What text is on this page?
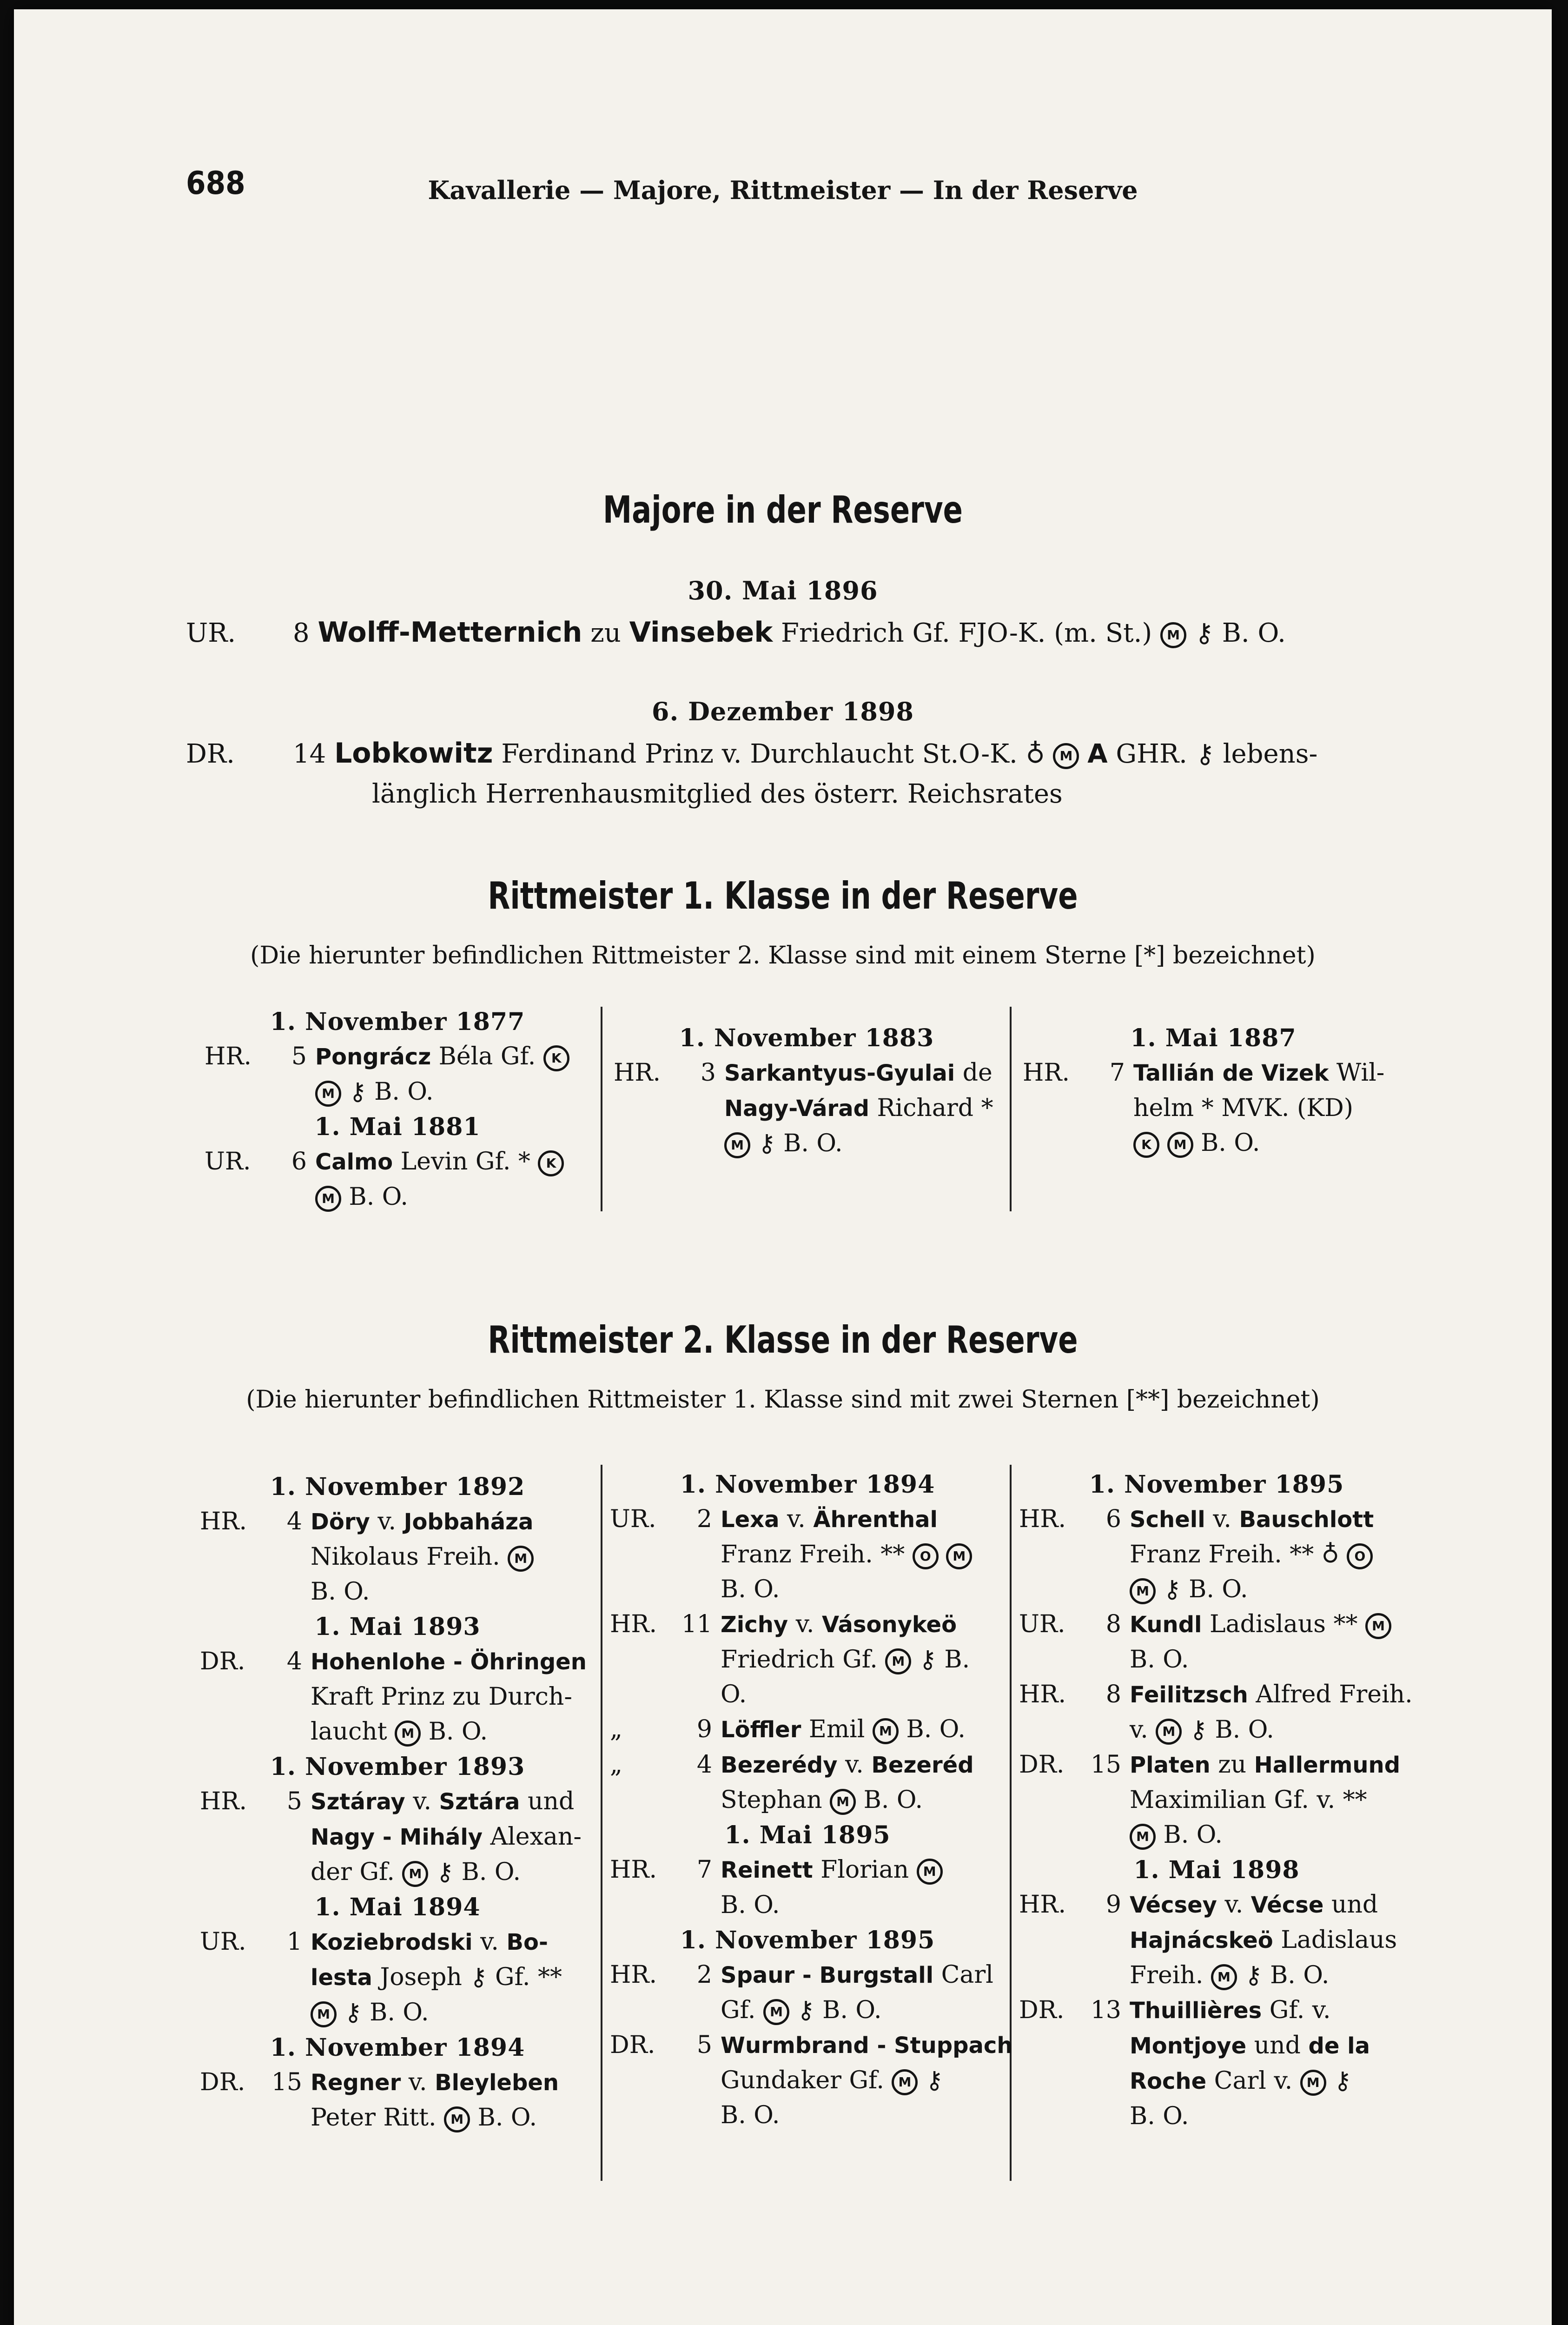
688	Kavallerie — Majore, Rittmeister — In der Reserve
Majore in der Reserve
30. Mai 1896
UR. 8 Wolff-Metternich zu Vinsebek Friedrich Gf. FJO-K. (m. St.) M ⚷ B. O.
6. Dezember 1898
DR. 14 Lobkowitz Ferdinand Prinz v. Durchlaucht St.O-K. ♁ M A GHR. ⚷ lebens-
länglich Herrenhausmitglied des österr. Reichsrates
Rittmeister 1. Klasse in der Reserve
(Die hierunter befindlichen Rittmeister 2. Klasse sind mit einem Sterne [*] bezeichnet)
1. November 1877
HR. 5 Pongrácz Béla Gf. K
M ⚷ B. O.
1. Mai 1881
UR. 6 Calmo Levin Gf. * K
M B. O.
1. November 1883
HR. 3 Sarkantyus-Gyulai de
Nagy-Várad Richard *
M ⚷ B. O.
1. Mai 1887
HR. 7 Tallián de Vizek Wil-
helm * MVK. (KD)
K M B. O.
Rittmeister 2. Klasse in der Reserve
(Die hierunter befindlichen Rittmeister 1. Klasse sind mit zwei Sternen [**] bezeichnet)
1. November 1892
HR. 4 Döry v. Jobbaháza
Nikolaus Freih. M
B. O.
1. Mai 1893
DR. 4 Hohenlohe - Öhringen
Kraft Prinz zu Durch-
laucht M B. O.
1. November 1893
HR. 5 Sztáray v. Sztára und
Nagy - Mihály Alexan-
der Gf. M ⚷ B. O.
1. Mai 1894
UR. 1 Koziebrodski v. Bo-
lesta Joseph ⚷ Gf. **
M ⚷ B. O.
1. November 1894
DR. 15 Regner v. Bleyleben
Peter Ritt. M B. O.
1. November 1894
UR. 2 Lexa v. Ährenthal
Franz Freih. ** O M
B. O.
HR. 11 Zichy v. Vásonykeö
Friedrich Gf. M ⚷ B.
O.
„	9 Löffler Emil M B. O.
„	4 Bezerédy v. Bezeréd
Stephan M B. O.
1. Mai 1895
HR. 7 Reinett Florian M
B. O.
1. November 1895
HR. 2 Spaur - Burgstall Carl
Gf. M ⚷ B. O.
DR. 5 Wurmbrand - Stuppach
Gundaker Gf. M ⚷
B. O.
1. November 1895
HR. 6 Schell v. Bauschlott
Franz Freih. ** ♁ O
M ⚷ B. O.
UR. 8 Kundl Ladislaus ** M
B. O.
HR. 8 Feilitzsch Alfred Freih.
v. M ⚷ B. O.
DR. 15 Platen zu Hallermund
Maximilian Gf. v. **
M B. O.
1. Mai 1898
HR. 9 Vécsey v. Vécse und
Hajnácskeö Ladislaus
Freih. M ⚷ B. O.
DR. 13 Thuillières Gf. v.
Montjoye und de la
Roche Carl v. M ⚷
B. O.
